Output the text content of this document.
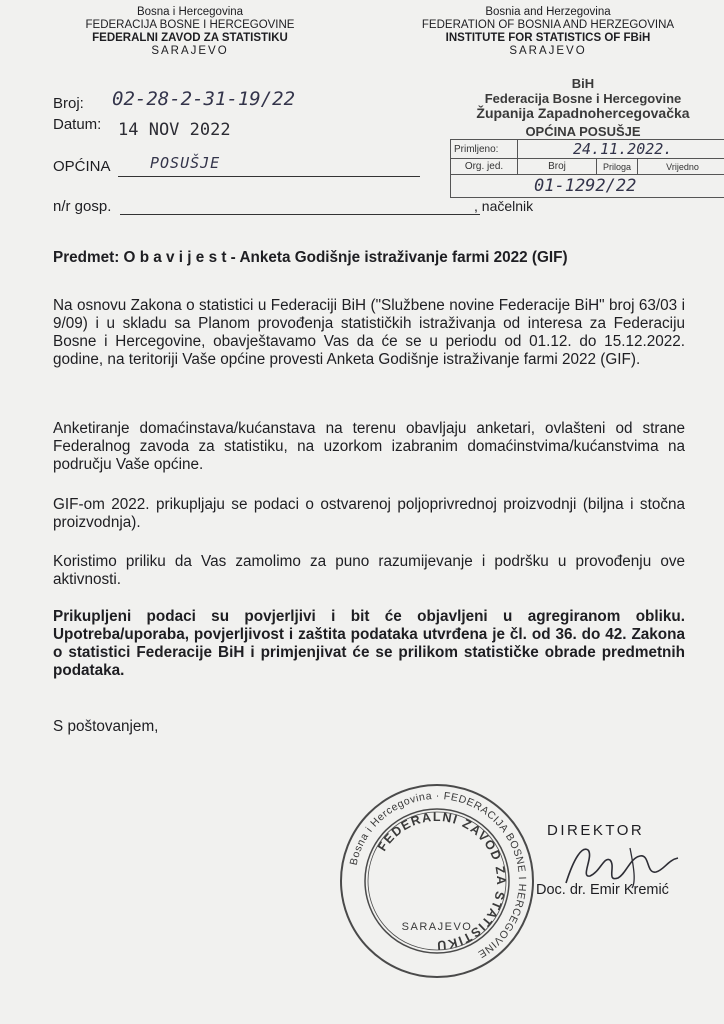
Bosna i Hercegovina
FEDERACIJA BOSNE I HERCEGOVINE
FEDERALNI ZAVOD ZA STATISTIKU
SARAJEVO
Bosnia and Herzegovina
FEDERATION OF BOSNIA AND HERZEGOVINA
INSTITUTE FOR STATISTICS OF FBiH
SARAJEVO
Broj: 02-28-2-31-19/22
Datum: 14 NOV 2022
OPĆINA	POSUŠJE
n/r gosp.	, načelnik
BiH
Federacija Bosne i Hercegovine
Županija Zapadnohercegovačka
OPĆINA POSUŠJE
Primljeno:	24.11.2022.		
Org. jed.	Broj	Priloga	Vrijedno
01-1292/22			
Predmet: O b a v i j e s t - Anketa Godišnje istraživanje farmi 2022 (GIF)
Na osnovu Zakona o statistici u Federaciji BiH ("Službene novine Federacije BiH" broj 63/03 i 9/09) i u skladu sa Planom provođenja statističkih istraživanja od interesa za Federaciju Bosne i Hercegovine, obavještavamo Vas da će se u periodu od 01.12. do 15.12.2022. godine, na teritoriji Vaše općine provesti Anketa Godišnje istraživanje farmi 2022 (GIF).
Anketiranje domaćinstava/kućanstava na terenu obavljaju anketari, ovlašteni od strane Federalnog zavoda za statistiku, na uzorkom izabranim domaćinstvima/kućanstvima na području Vaše općine.
GIF-om 2022. prikupljaju se podaci o ostvarenoj poljoprivrednoj proizvodnji (biljna i stočna proizvodnja).
Koristimo priliku da Vas zamolimo za puno razumijevanje i podršku u provođenju ove aktivnosti.
Prikupljeni podaci su povjerljivi i bit će objavljeni u agregiranom obliku. Upotreba/uporaba, povjerljivost i zaštita podataka utvrđena je čl. od 36. do 42. Zakona o statistici Federacije BiH i primjenjivat će se prilikom statističke obrade predmetnih podataka.
S poštovanjem,
Bosna i Hercegovina · FEDERACIJA BOSNE I HERCEGOVINE
FEDERALNI ZAVOD ZA STATISTIKU
SARAJEVO
DIREKTOR
Doc. dr. Emir Kremić
